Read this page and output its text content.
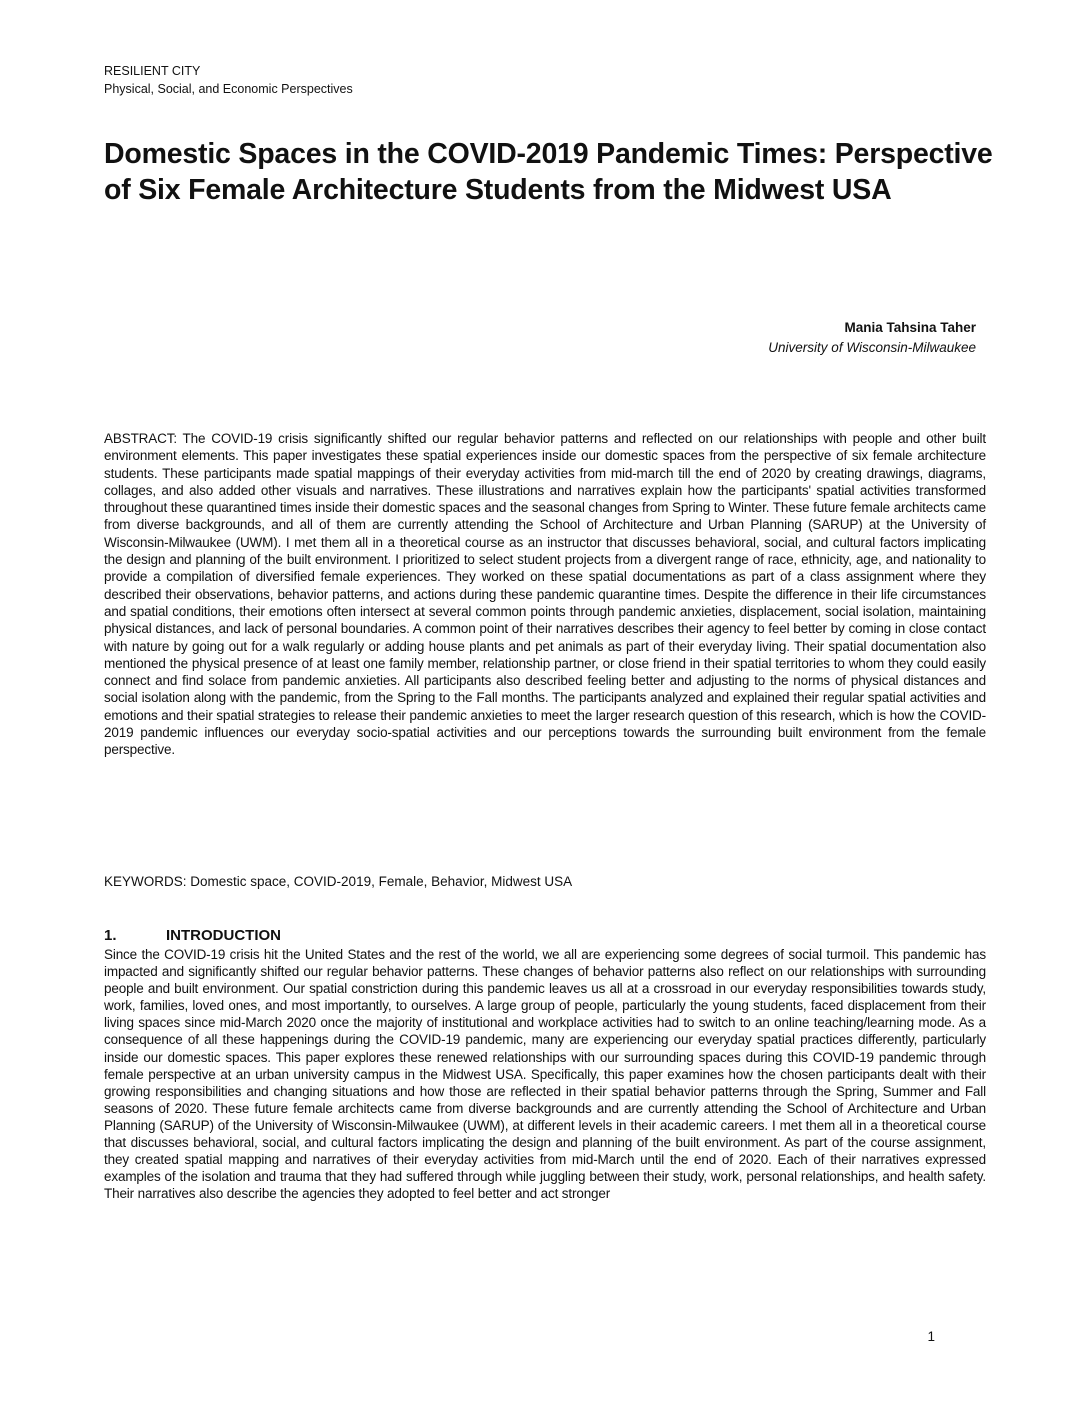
RESILIENT CITY
Physical, Social, and Economic Perspectives
Domestic Spaces in the COVID-2019 Pandemic Times: Perspective of Six Female Architecture Students from the Midwest USA
Mania Tahsina Taher
University of Wisconsin-Milwaukee

ABSTRACT: The COVID-19 crisis significantly shifted our regular behavior patterns and reflected on our relationships with people and other built environment elements. This paper investigates these spatial experiences inside our domestic spaces from the perspective of six female architecture students. These participants made spatial mappings of their everyday activities from mid-march till the end of 2020 by creating drawings, diagrams, collages, and also added other visuals and narratives. These illustrations and narratives explain how the participants' spatial activities transformed throughout these quarantined times inside their domestic spaces and the seasonal changes from Spring to Winter. These future female architects came from diverse backgrounds, and all of them are currently attending the School of Architecture and Urban Planning (SARUP) at the University of Wisconsin-Milwaukee (UWM). I met them all in a theoretical course as an instructor that discusses behavioral, social, and cultural factors implicating the design and planning of the built environment. I prioritized to select student projects from a divergent range of race, ethnicity, age, and nationality to provide a compilation of diversified female experiences. They worked on these spatial documentations as part of a class assignment where they described their observations, behavior patterns, and actions during these pandemic quarantine times. Despite the difference in their life circumstances and spatial conditions, their emotions often intersect at several common points through pandemic anxieties, displacement, social isolation, maintaining physical distances, and lack of personal boundaries. A common point of their narratives describes their agency to feel better by coming in close contact with nature by going out for a walk regularly or adding house plants and pet animals as part of their everyday living. Their spatial documentation also mentioned the physical presence of at least one family member, relationship partner, or close friend in their spatial territories to whom they could easily connect and find solace from pandemic anxieties. All participants also described feeling better and adjusting to the norms of physical distances and social isolation along with the pandemic, from the Spring to the Fall months. The participants analyzed and explained their regular spatial activities and emotions and their spatial strategies to release their pandemic anxieties to meet the larger research question of this research, which is how the COVID-2019 pandemic influences our everyday socio-spatial activities and our perceptions towards the surrounding built environment from the female perspective.

KEYWORDS: Domestic space, COVID-2019, Female, Behavior, Midwest USA
1.	INTRODUCTION

Since the COVID-19 crisis hit the United States and the rest of the world, we all are experiencing some degrees of social turmoil. This pandemic has impacted and significantly shifted our regular behavior patterns. These changes of behavior patterns also reflect on our relationships with surrounding people and built environment. Our spatial constriction during this pandemic leaves us all at a crossroad in our everyday responsibilities towards study, work, families, loved ones, and most importantly, to ourselves. A large group of people, particularly the young students, faced displacement from their living spaces since mid-March 2020 once the majority of institutional and workplace activities had to switch to an online teaching/learning mode. As a consequence of all these happenings during the COVID-19 pandemic, many are experiencing our everyday spatial practices differently, particularly inside our domestic spaces. This paper explores these renewed relationships with our surrounding spaces during this COVID-19 pandemic through female perspective at an urban university campus in the Midwest USA. Specifically, this paper examines how the chosen participants dealt with their growing responsibilities and changing situations and how those are reflected in their spatial behavior patterns through the Spring, Summer and Fall seasons of 2020. These future female architects came from diverse backgrounds and are currently attending the School of Architecture and Urban Planning (SARUP) of the University of Wisconsin-Milwaukee (UWM), at different levels in their academic careers. I met them all in a theoretical course that discusses behavioral, social, and cultural factors implicating the design and planning of the built environment. As part of the course assignment, they created spatial mapping and narratives of their everyday activities from mid-March until the end of 2020. Each of their narratives expressed examples of the isolation and trauma that they had suffered through while juggling between their study, work, personal relationships, and health safety. Their narratives also describe the agencies they adopted to feel better and act stronger

1
